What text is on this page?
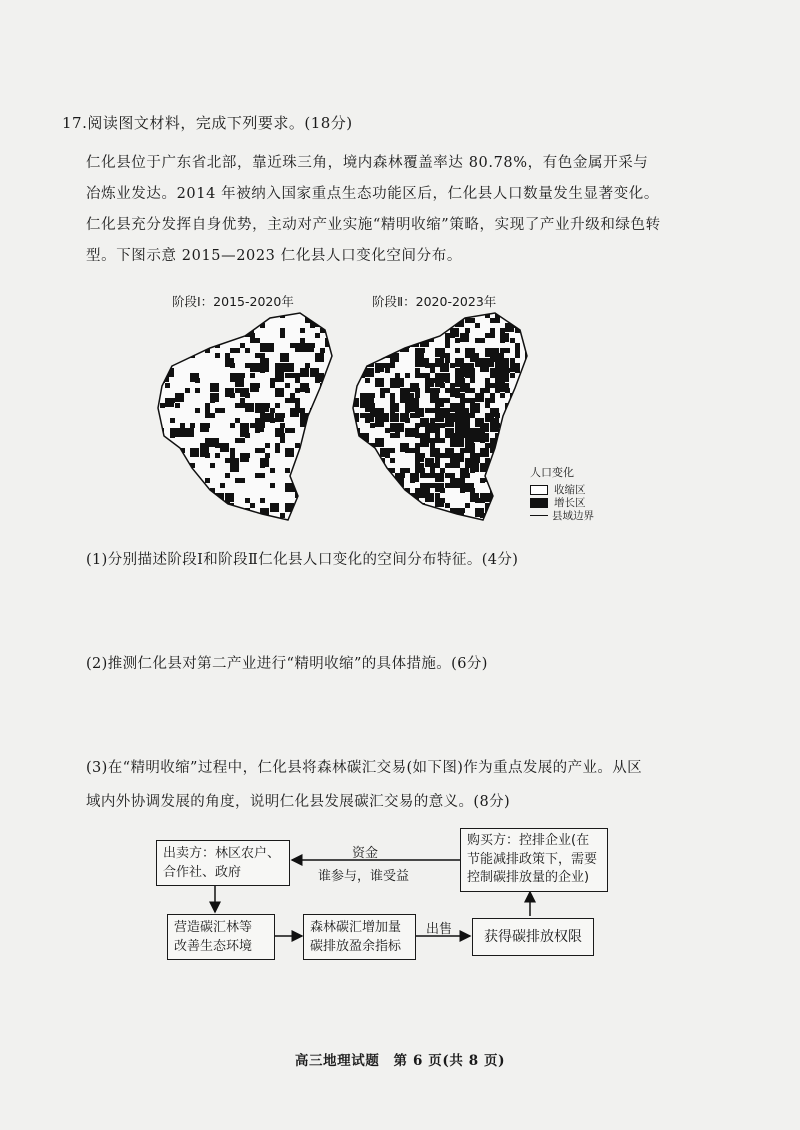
17.阅读图文材料，完成下列要求。(18分)
仁化县位于广东省北部，靠近珠三角，境内森林覆盖率达 80.78%，有色金属开采与
冶炼业发达。2014 年被纳入国家重点生态功能区后，仁化县人口数量发生显著变化。
仁化县充分发挥自身优势，主动对产业实施“精明收缩”策略，实现了产业升级和绿色转
型。下图示意 2015—2023 仁化县人口变化空间分布。
阶段Ⅰ：2015-2020年	阶段Ⅱ：2020-2023年
人口变化
收缩区
增长区
县域边界
(1)分别描述阶段Ⅰ和阶段Ⅱ仁化县人口变化的空间分布特征。(4分)
(2)推测仁化县对第二产业进行“精明收缩”的具体措施。(6分)
(3)在“精明收缩”过程中，仁化县将森林碳汇交易(如下图)作为重点发展的产业。从区
域内外协调发展的角度，说明仁化县发展碳汇交易的意义。(8分)
出卖方：林区农户、
合作社、政府
资金
谁参与，谁受益
购买方：控排企业(在
节能减排政策下，需要
控制碳排放量的企业)
营造碳汇林等
改善生态环境
森林碳汇增加量
碳排放盈余指标
出售	获得碳排放权限
高三地理试题　第 6 页(共 8 页)
